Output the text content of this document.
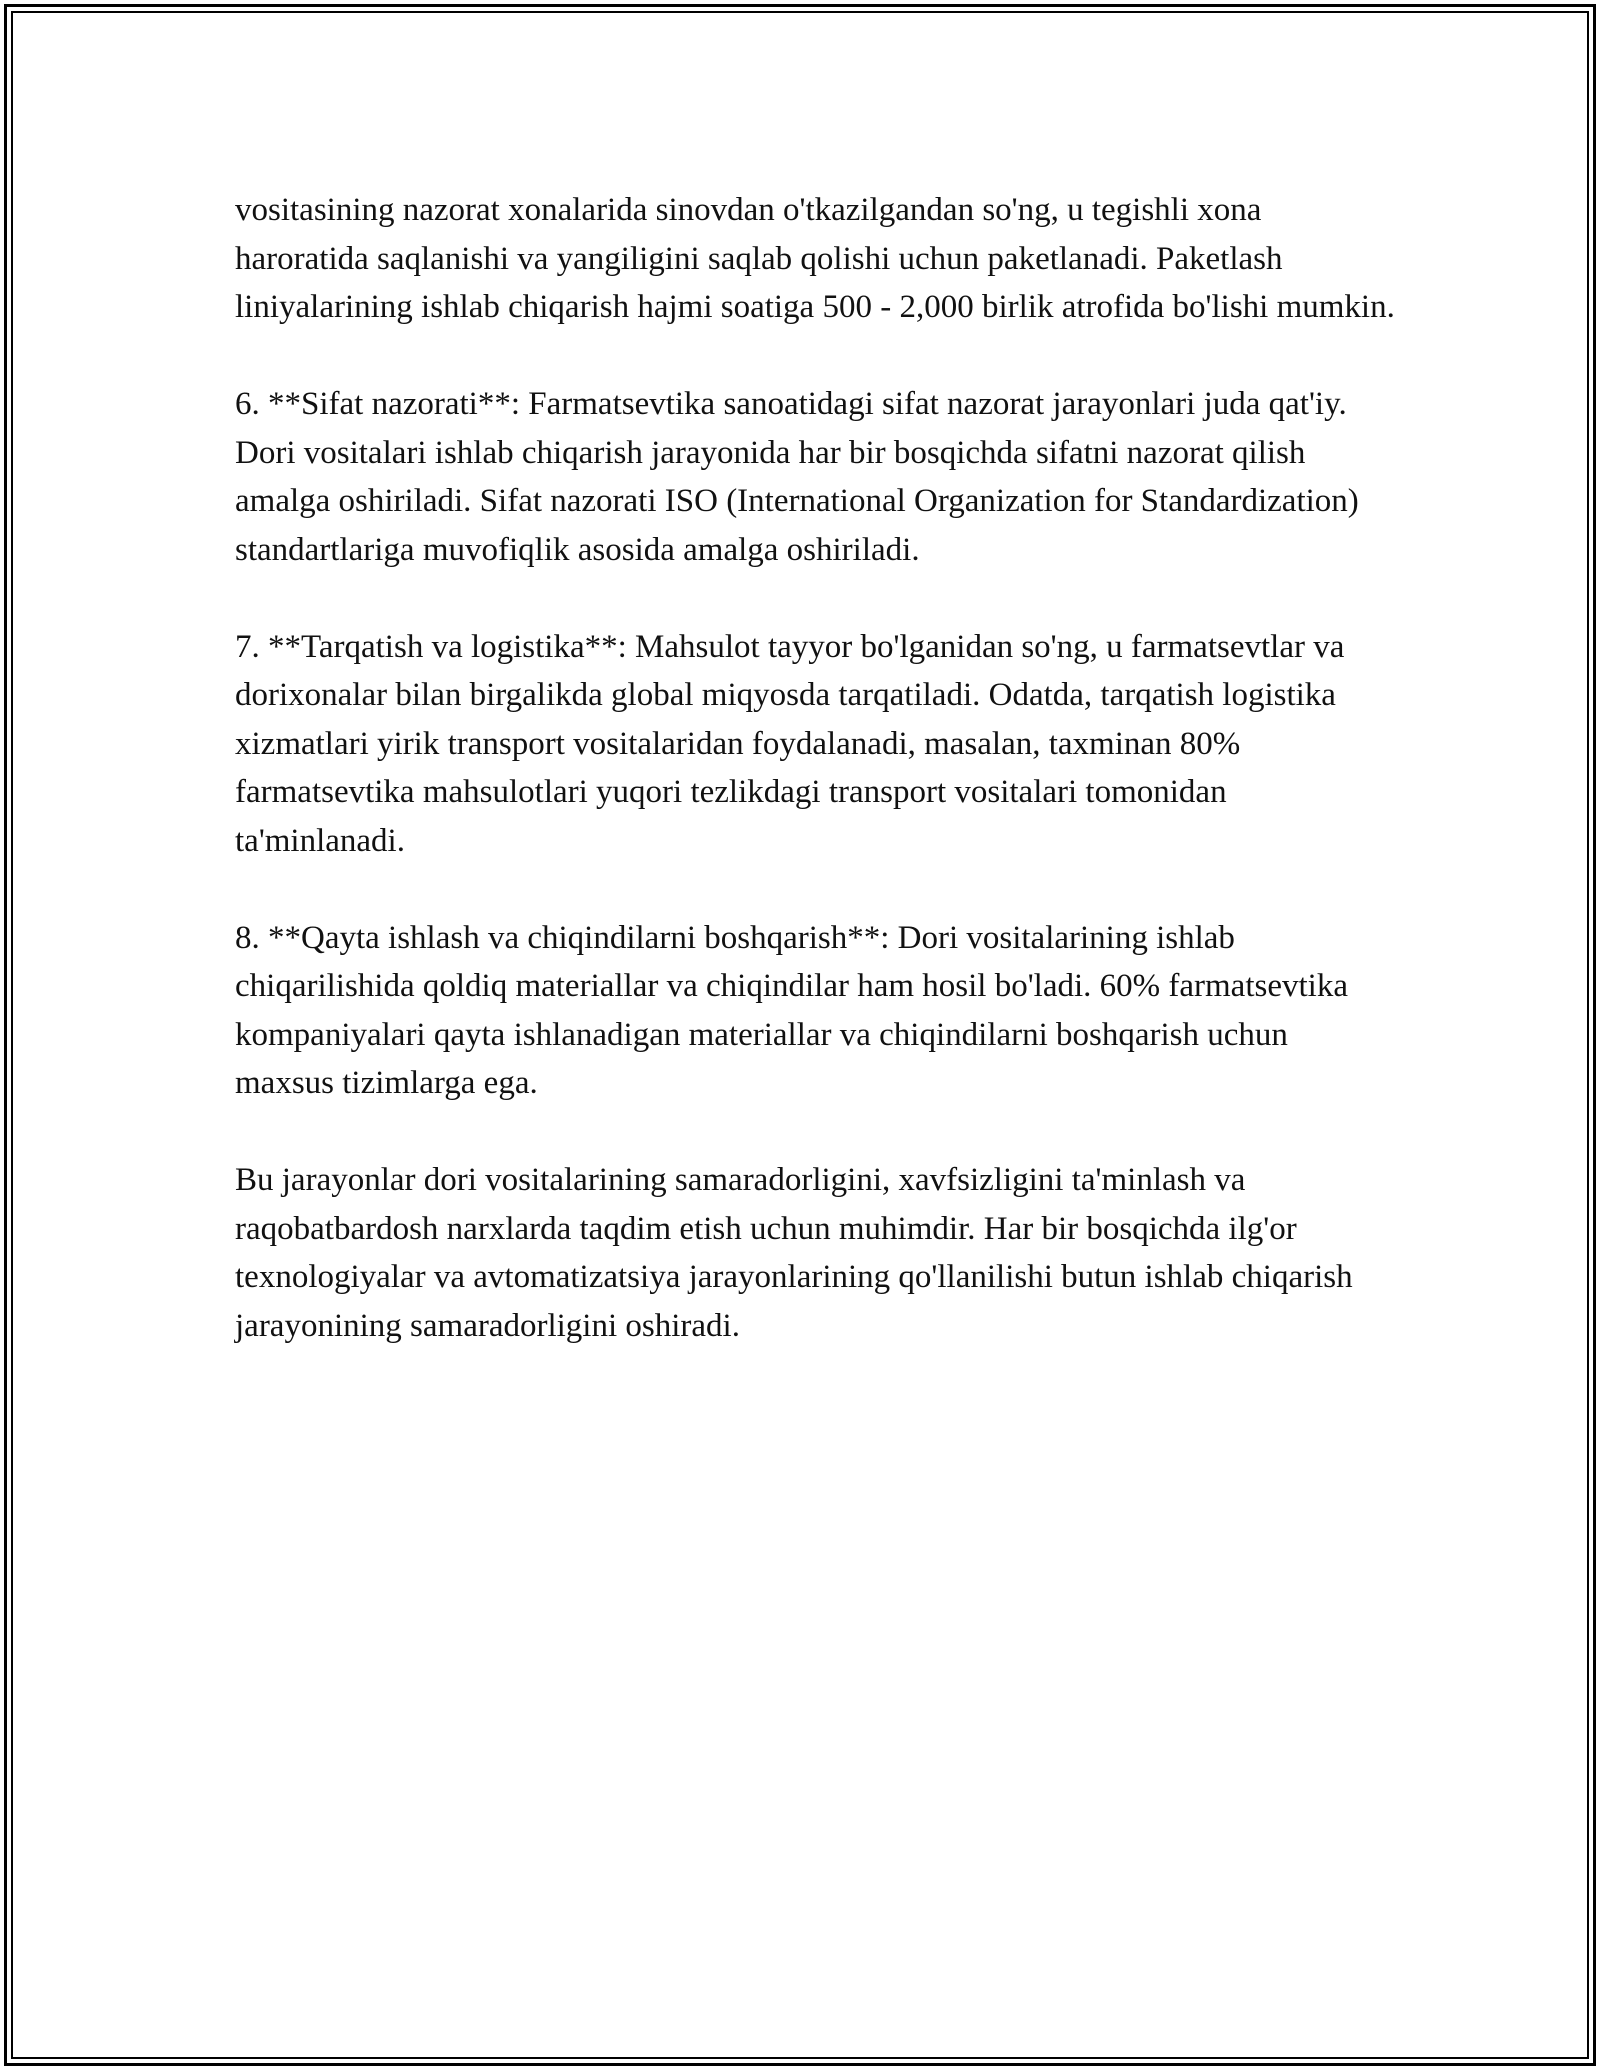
vositasining nazorat xonalarida sinovdan o'tkazilgandan so'ng, u tegishli xona haroratida saqlanishi va yangiligini saqlab qolishi uchun paketlanadi. Paketlash liniyalarining ishlab chiqarish hajmi soatiga 500 - 2,000 birlik atrofida bo'lishi mumkin.

6. **Sifat nazorati**: Farmatsevtika sanoatidagi sifat nazorat jarayonlari juda qat'iy. Dori vositalari ishlab chiqarish jarayonida har bir bosqichda sifatni nazorat qilish amalga oshiriladi. Sifat nazorati ISO (International Organization for Standardization) standartlariga muvofiqlik asosida amalga oshiriladi.

7. **Tarqatish va logistika**: Mahsulot tayyor bo'lganidan so'ng, u farmatsevtlar va dorixonalar bilan birgalikda global miqyosda tarqatiladi. Odatda, tarqatish logistika xizmatlari yirik transport vositalaridan foydalanadi, masalan, taxminan 80% farmatsevtika mahsulotlari yuqori tezlikdagi transport vositalari tomonidan ta'minlanadi.

8. **Qayta ishlash va chiqindilarni boshqarish**: Dori vositalarining ishlab chiqarilishida qoldiq materiallar va chiqindilar ham hosil bo'ladi. 60% farmatsevtika kompaniyalari qayta ishlanadigan materiallar va chiqindilarni boshqarish uchun maxsus tizimlarga ega.

Bu jarayonlar dori vositalarining samaradorligini, xavfsizligini ta'minlash va raqobatbardosh narxlarda taqdim etish uchun muhimdir. Har bir bosqichda ilg'or texnologiyalar va avtomatizatsiya jarayonlarining qo'llanilishi butun ishlab chiqarish jarayonining samaradorligini oshiradi.
